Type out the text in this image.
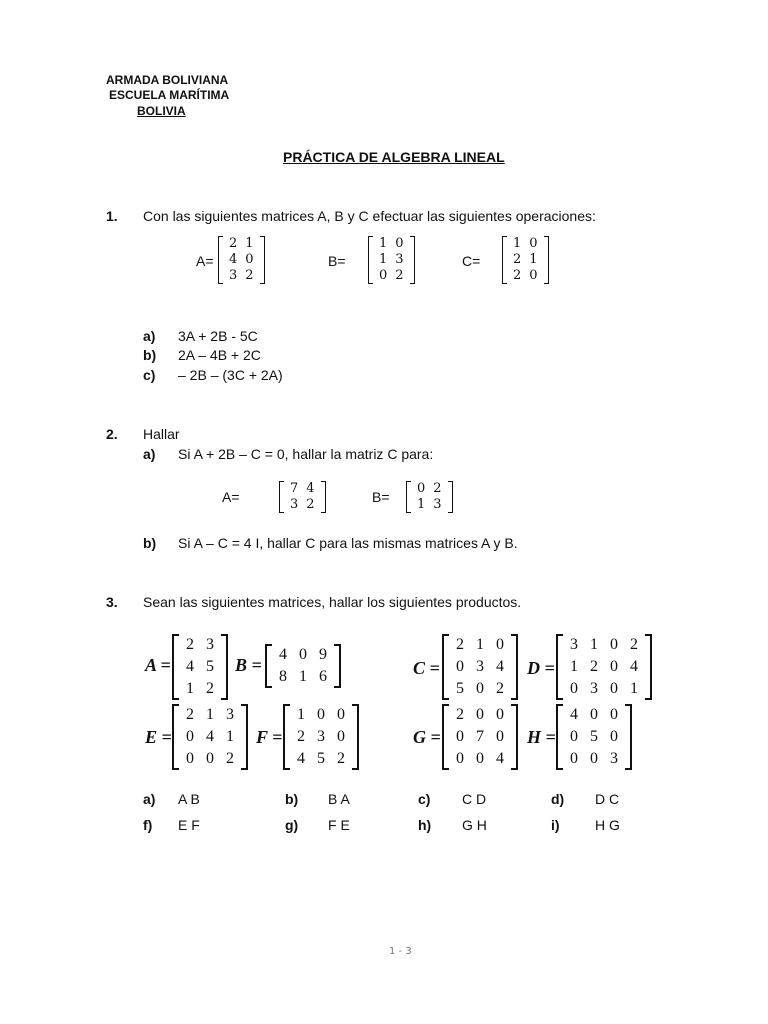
ARMADA BOLIVIANA
ESCUELA MARÍTIMA
BOLIVIA
PRÁCTICA DE ALGEBRA LINEAL
1. Con las siguientes matrices A, B y C efectuar las siguientes operaciones:
A=
2	1
4	0
3	2
B=
1	0
1	3
0	2
C=
1	0
2	1
2	0
a) 3A + 2B - 5C
b) 2A – 4B + 2C
c) – 2B – (3C + 2A)
2. Hallar
a) Si A + 2B – C = 0, hallar la matriz C para:
A=
7	4
3	2	B=
0	2
1	3
b) Si A – C = 4 I, hallar C para las mismas matrices A y B.
3. Sean las siguientes matrices, hallar los siguientes productos.
A =
2	3
4	5
1	2
B =
4	0	9
8	1	6	C =
2	1	0
0	3	4
5	0	2
D =
3	1	0	2
1	2	0	4
0	3	0	1
E =
2	1	3
0	4	1
0	0	2
F =
1	0	0
2	3	0
4	5	2
G =
2	0	0
0	7	0
0	0	4
H =
4	0	0
0	5	0
0	0	3
a) A B	b) B A	c) C D	d) D C
f) E F	g) F E	h) G H	i)	H G
1 - 3
